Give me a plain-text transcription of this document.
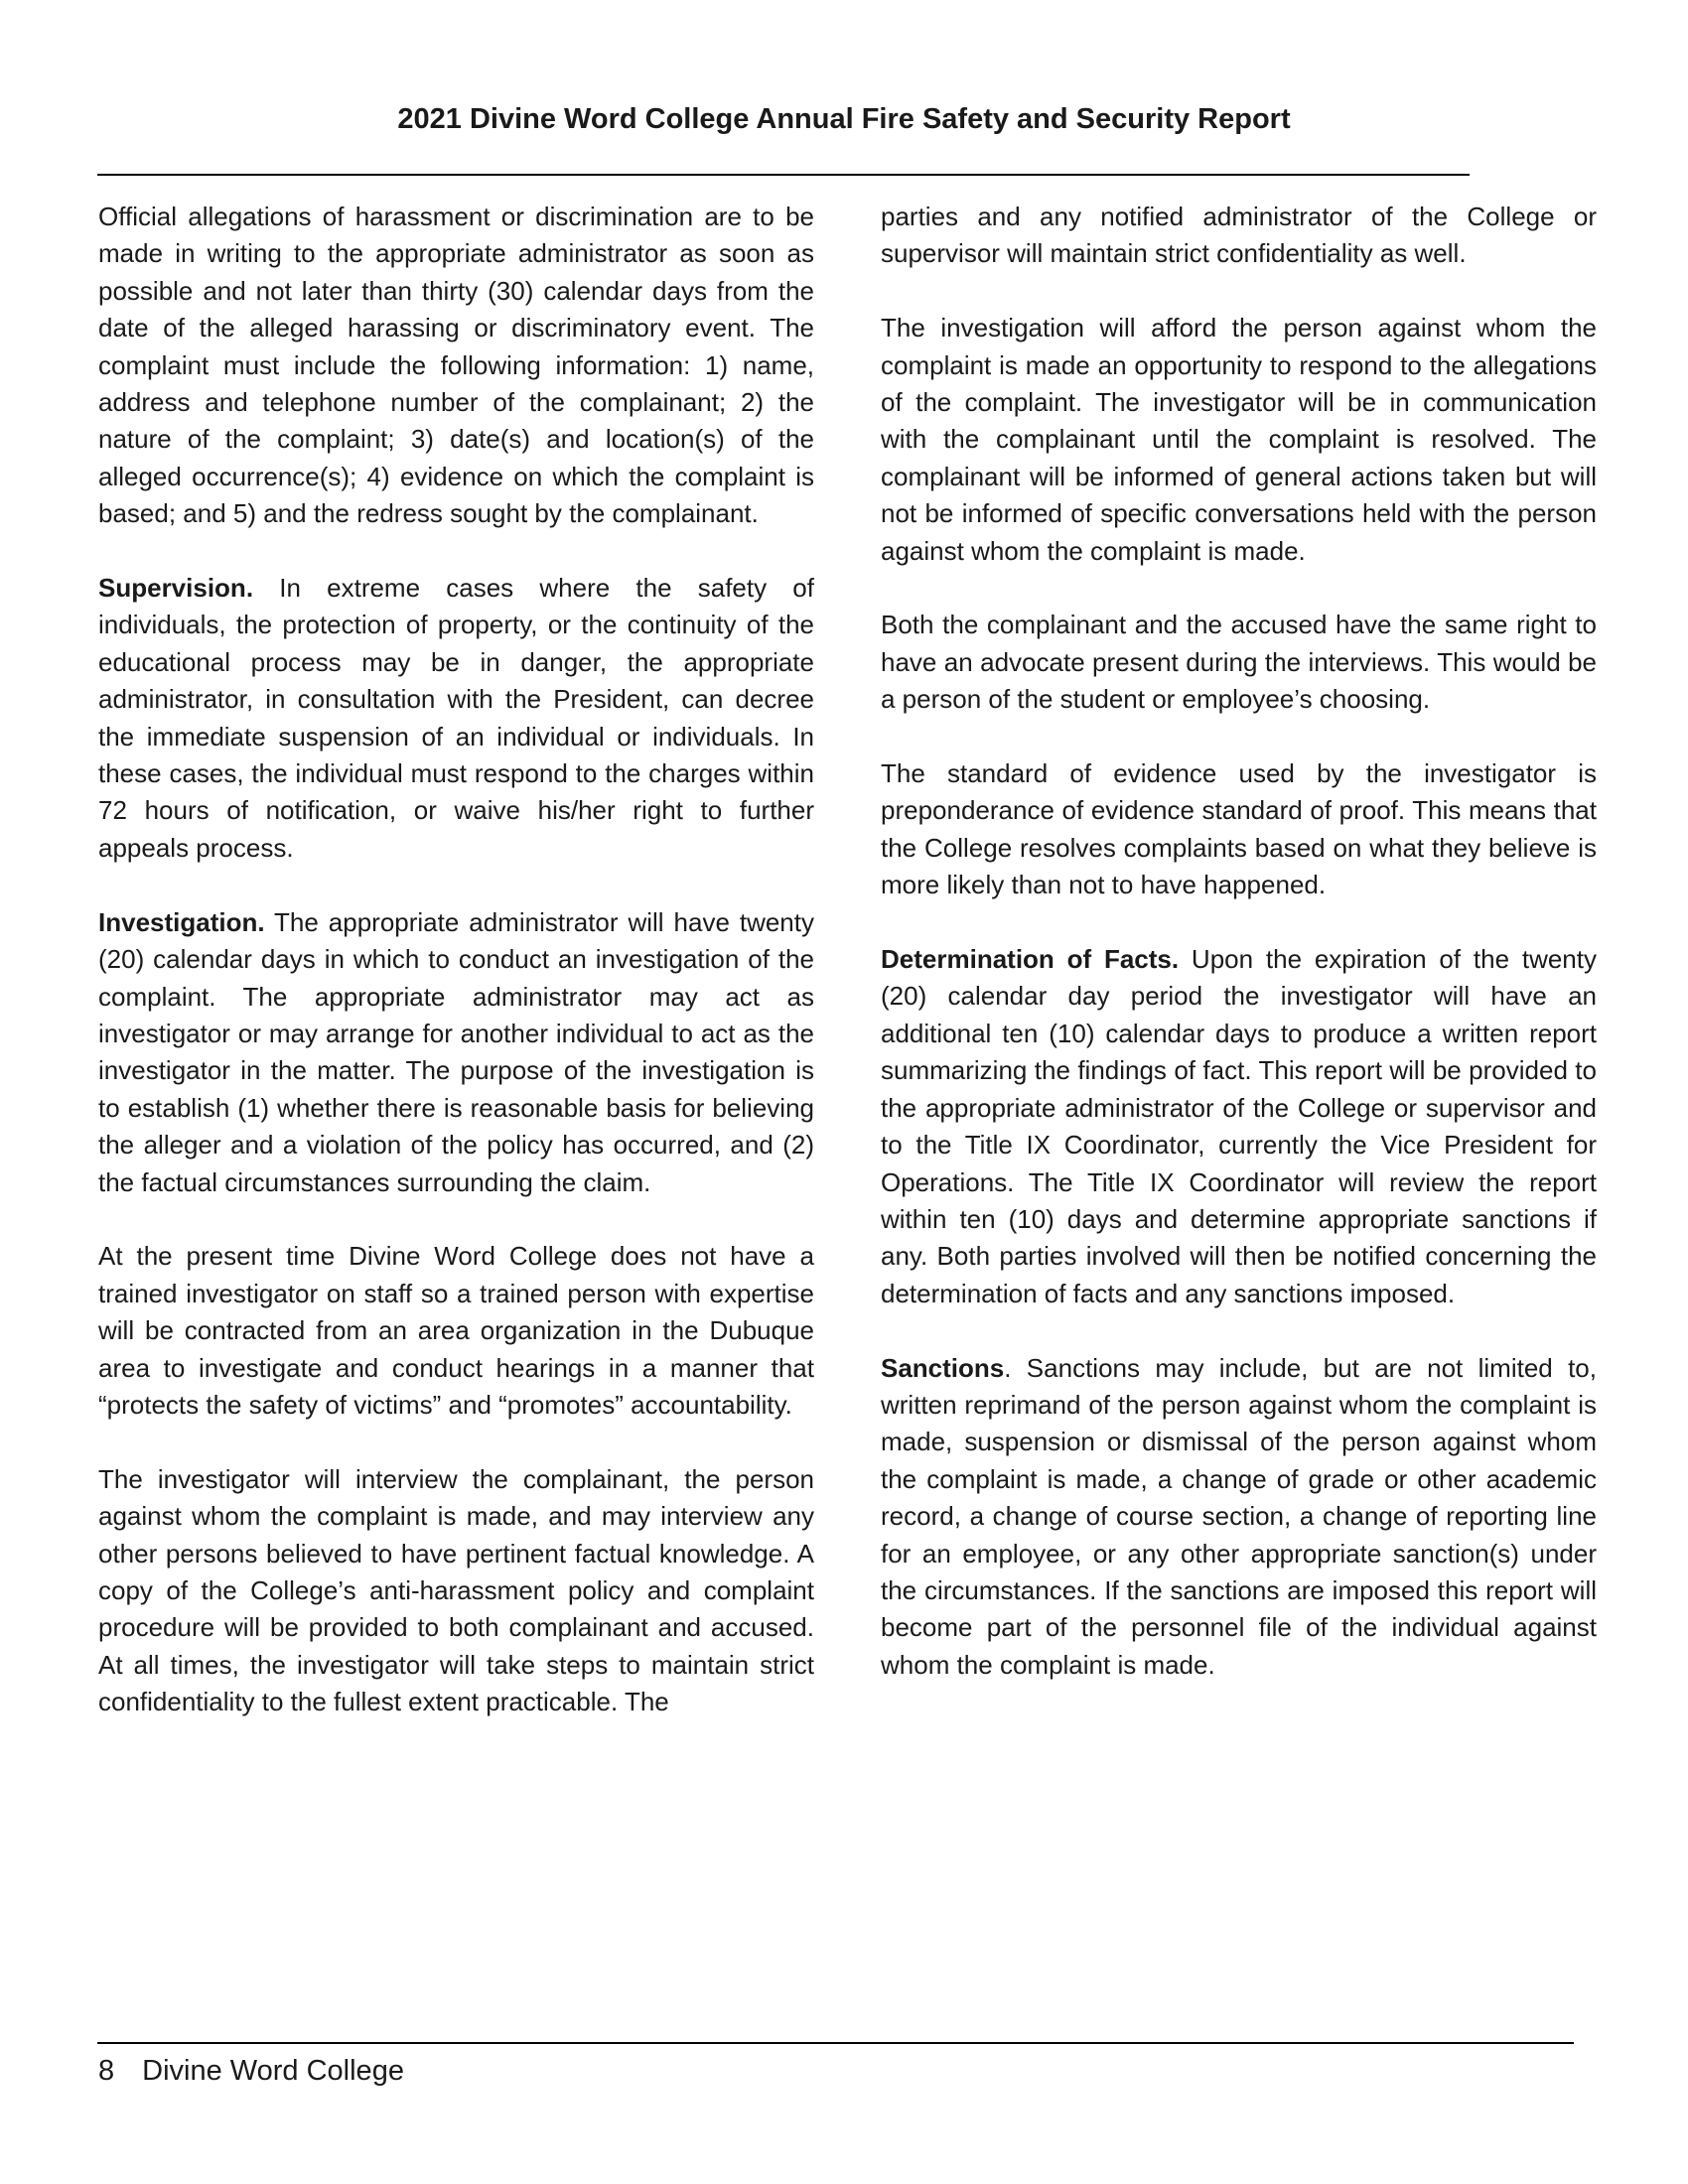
2021 Divine Word College Annual Fire Safety and Security Report

Official allegations of harassment or discrimination are to be made in writing to the appropriate administrator as soon as possible and not later than thirty (30) calendar days from the date of the alleged harassing or discriminatory event. The complaint must include the following information: 1) name, address and telephone number of the complainant; 2) the nature of the complaint; 3) date(s) and location(s) of the alleged occurrence(s); 4) evidence on which the complaint is based; and 5) and the redress sought by the complainant.

Supervision. In extreme cases where the safety of individuals, the protection of property, or the continuity of the educational process may be in danger, the appropriate administrator, in consultation with the President, can decree the immediate suspension of an individual or individuals. In these cases, the individual must respond to the charges within 72 hours of notification, or waive his/her right to further appeals process.

Investigation. The appropriate administrator will have twenty (20) calendar days in which to conduct an investigation of the complaint. The appropriate administrator may act as investigator or may arrange for another individual to act as the investigator in the matter. The purpose of the investigation is to establish (1) whether there is reasonable basis for believing the alleger and a violation of the policy has occurred, and (2) the factual circumstances surrounding the claim.

At the present time Divine Word College does not have a trained investigator on staff so a trained person with expertise will be contracted from an area organization in the Dubuque area to investigate and conduct hearings in a manner that “protects the safety of victims” and “promotes” accountability.

The investigator will interview the complainant, the person against whom the complaint is made, and may interview any other persons believed to have pertinent factual knowledge. A copy of the College’s anti-harassment policy and complaint procedure will be provided to both complainant and accused. At all times, the investigator will take steps to maintain strict confidentiality to the fullest extent practicable. The

parties and any notified administrator of the College or supervisor will maintain strict confidentiality as well.

The investigation will afford the person against whom the complaint is made an opportunity to respond to the allegations of the complaint. The investigator will be in communication with the complainant until the complaint is resolved. The complainant will be informed of general actions taken but will not be informed of specific conversations held with the person against whom the complaint is made.

Both the complainant and the accused have the same right to have an advocate present during the interviews. This would be a person of the student or employee’s choosing.

The standard of evidence used by the investigator is preponderance of evidence standard of proof. This means that the College resolves complaints based on what they believe is more likely than not to have happened.

Determination of Facts. Upon the expiration of the twenty (20) calendar day period the investigator will have an additional ten (10) calendar days to produce a written report summarizing the findings of fact. This report will be provided to the appropriate administrator of the College or supervisor and to the Title IX Coordinator, currently the Vice President for Operations. The Title IX Coordinator will review the report within ten (10) days and determine appropriate sanctions if any. Both parties involved will then be notified concerning the determination of facts and any sanctions imposed.

Sanctions. Sanctions may include, but are not limited to, written reprimand of the person against whom the complaint is made, suspension or dismissal of the person against whom the complaint is made, a change of grade or other academic record, a change of course section, a change of reporting line for an employee, or any other appropriate sanction(s) under the circumstances. If the sanctions are imposed this report will become part of the personnel file of the individual against whom the complaint is made.

8 Divine Word College
